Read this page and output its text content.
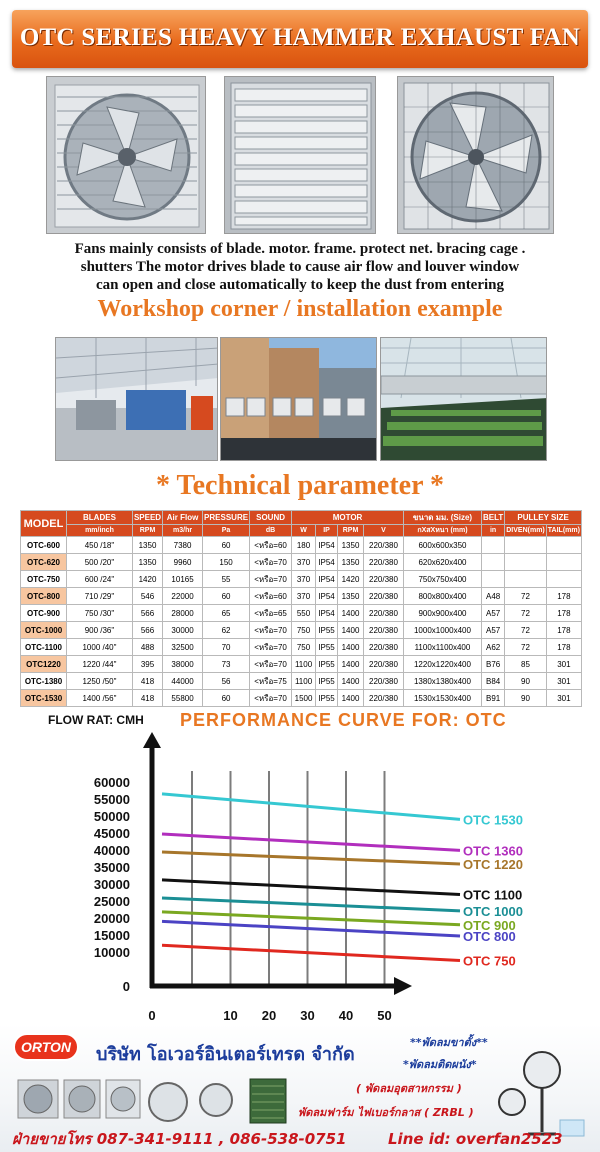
OTC SERIES HEAVY HAMMER EXHAUST FAN
Fans mainly consists of blade. motor. frame. protect net. bracing cage .
shutters The motor drives blade to cause air flow and louver window
can open and close automatically to keep the dust from entering
Workshop corner / installation example
* Technical parameter *
MODEL	BLADES	SPEED	Air Flow	PRESSURE	SOUND	MOTOR				ขนาด มม. (Size)	BELT	PULLEY SIZE	
	mm/inch	RPM	m3/hr	Pa	dB	W	IP	RPM	V	กXสXหนา (mm)	in	DIVEN(mm)	TAIL(mm)
OTC-600	450 /18"	1350	7380	60	<หรือ=60	180	IP54	1350	220/380	600x600x350			
OTC-620	500 /20"	1350	9960	150	<หรือ=70	370	IP54	1350	220/380	620x620x400			
OTC-750	600 /24"	1420	10165	55	<หรือ=70	370	IP54	1420	220/380	750x750x400			
OTC-800	710 /29"	546	22000	60	<หรือ=60	370	IP54	1350	220/380	800x800x400	A48	72	178
OTC-900	750 /30"	566	28000	65	<หรือ=65	550	IP54	1400	220/380	900x900x400	A57	72	178
OTC-1000	900 /36"	566	30000	62	<หรือ=70	750	IP55	1400	220/380	1000x1000x400	A57	72	178
OTC-1100	1000 /40"	488	32500	70	<หรือ=70	750	IP55	1400	220/380	1100x1100x400	A62	72	178
OTC1220	1220 /44"	395	38000	73	<หรือ=70	1100	IP55	1400	220/380	1220x1220x400	B76	85	301
OTC-1380	1250 /50"	418	44000	56	<หรือ=75	1100	IP55	1400	220/380	1380x1380x400	B84	90	301
OTC-1530	1400 /56"	418	55800	60	<หรือ=70	1500	IP55	1400	220/380	1530x1530x400	B91	90	301
60000
55000
50000
45000
40000
35000
30000
25000
20000
15000
10000
0
0	10 20 30 40 50
FLOW RAT: CMH PERFORMANCE CURVE FOR: OTC
OTC 1530
OTC 1360
OTC 1220
OTC 1100
OTC 1000
OTC 900
OTC 800
OTC 750
ORTON บริษัท โอเวอร์อินเตอร์เทรด จำกัด
**พัดลมขาตั้ง**
*พัดลมติดผนัง*
( พัดลมอุตสาหกรรม )
พัดลมฟาร์ม ไฟเบอร์กลาส ( ZRBL )
ฝ่ายขายโทร 087-341-9111 , 086-538-0751	Line id: overfan2523
